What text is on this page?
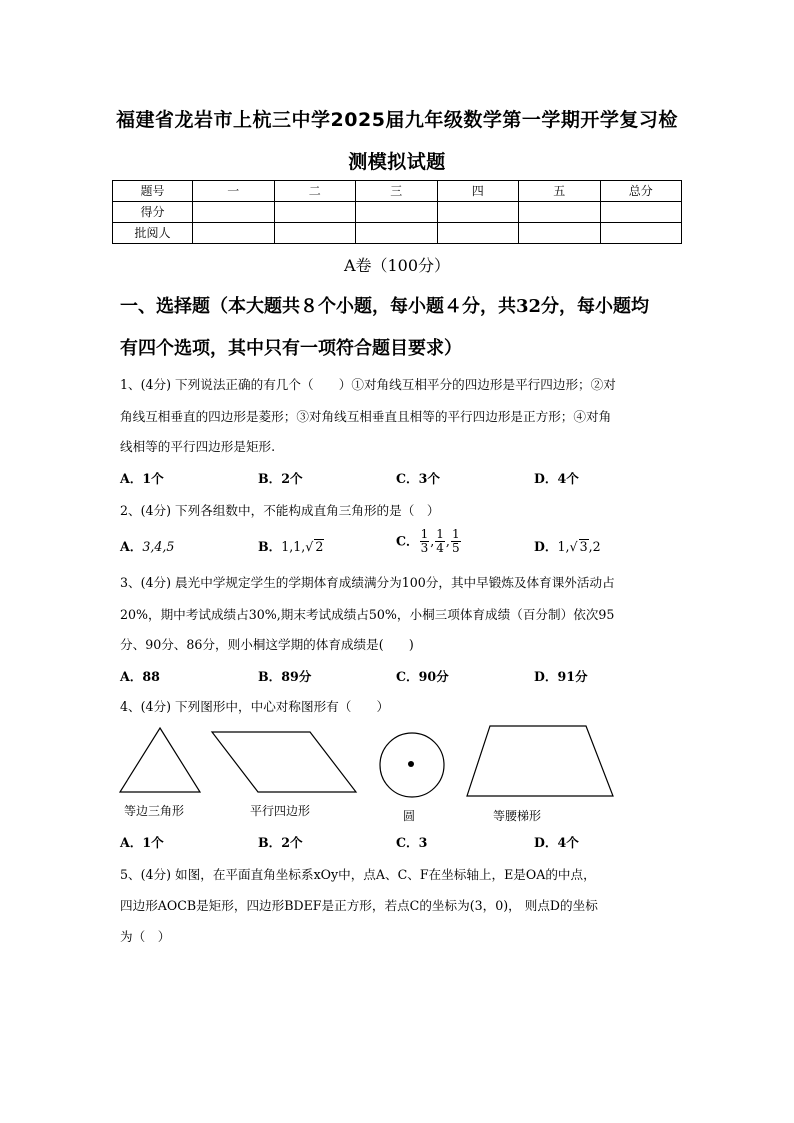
福建省龙岩市上杭三中学2025届九年级数学第一学期开学复习检
测模拟试题
题号	一	二	三	四	五	总分
得分						
批阅人						
A卷（100分）
一、选择题（本大题共８个小题，每小题４分，共32分，每小题均
有四个选项，其中只有一项符合题目要求）
1、(4分) 下列说法正确的有几个（　　）①对角线互相平分的四边形是平行四边形；②对
角线互相垂直的四边形是菱形；③对角线互相垂直且相等的平行四边形是正方形；④对角
线相等的平行四边形是矩形.
A．1个	B．2个	C．3个	D．4个
2、(4分) 下列各组数中，不能构成直角三角形的是（　）
A．3,4,5	B．1,1,√ 2	C． $\frac{1}{3}$ , $\frac{1}{4}$ , $\frac{1}{5}$	D．1,√ 3,2
3、(4分) 晨光中学规定学生的学期体育成绩满分为100分，其中早锻炼及体育课外活动占
20%，期中考试成绩占30%,期末考试成绩占50%，小桐三项体育成绩（百分制）依次95
分、90分、86分，则小桐这学期的体育成绩是(　　)
A．88	B．89分	C．90分	D．91分
4、(4分) 下列图形中，中心对称图形有（　　）
等边三角形	平行四边形	圆	等腰梯形
A．1个	B．2个	C．3	D．4个
5、(4分) 如图，在平面直角坐标系xOy中，点A、C、F在坐标轴上，E是OA的中点，
四边形AOCB是矩形，四边形BDEF是正方形，若点C的坐标为(3，0)， 则点D的坐标
为（　）
